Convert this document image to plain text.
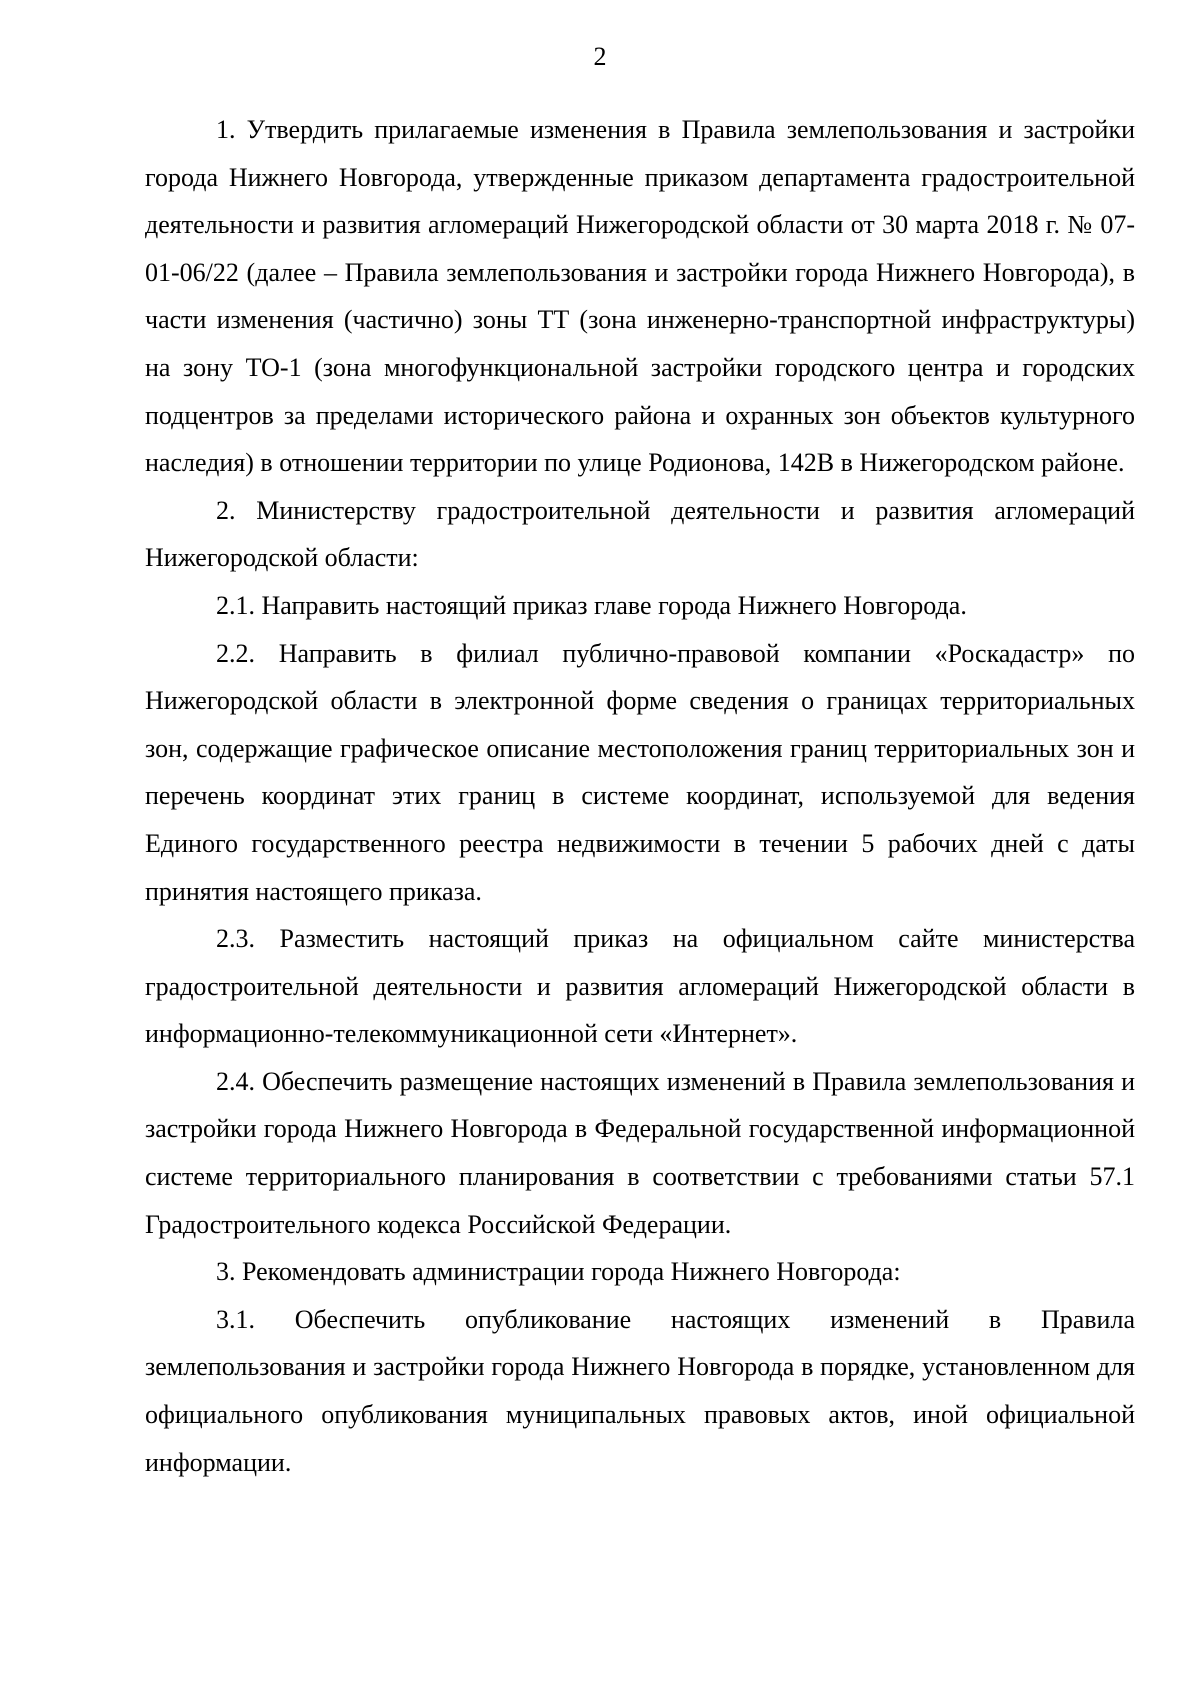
2

1. Утвердить прилагаемые изменения в Правила землепользования и застройки города Нижнего Новгорода, утвержденные приказом департамента градостроительной деятельности и развития агломераций Нижегородской области от 30 марта 2018 г. № 07-01-06/22 (далее – Правила землепользования и застройки города Нижнего Новгорода), в части изменения (частично) зоны ТТ (зона инженерно-транспортной инфраструктуры) на зону ТО-1 (зона многофункциональной застройки городского центра и городских подцентров за пределами исторического района и охранных зон объектов культурного наследия) в отношении территории по улице Родионова, 142В в Нижегородском районе.

2. Министерству градостроительной деятельности и развития агломераций Нижегородской области:

2.1. Направить настоящий приказ главе города Нижнего Новгорода.

2.2. Направить в филиал публично-правовой компании «Роскадастр» по Нижегородской области в электронной форме сведения о границах территориальных зон, содержащие графическое описание местоположения границ территориальных зон и перечень координат этих границ в системе координат, используемой для ведения Единого государственного реестра недвижимости в течении 5 рабочих дней с даты принятия настоящего приказа.

2.3. Разместить настоящий приказ на официальном сайте министерства градостроительной деятельности и развития агломераций Нижегородской области в информационно-телекоммуникационной сети «Интернет».

2.4. Обеспечить размещение настоящих изменений в Правила землепользования и застройки города Нижнего Новгорода в Федеральной государственной информационной системе территориального планирования в соответствии с требованиями статьи 57.1 Градостроительного кодекса Российской Федерации.

3. Рекомендовать администрации города Нижнего Новгорода:

3.1. Обеспечить опубликование настоящих изменений в Правила землепользования и застройки города Нижнего Новгорода в порядке, установленном для официального опубликования муниципальных правовых актов, иной официальной информации.
